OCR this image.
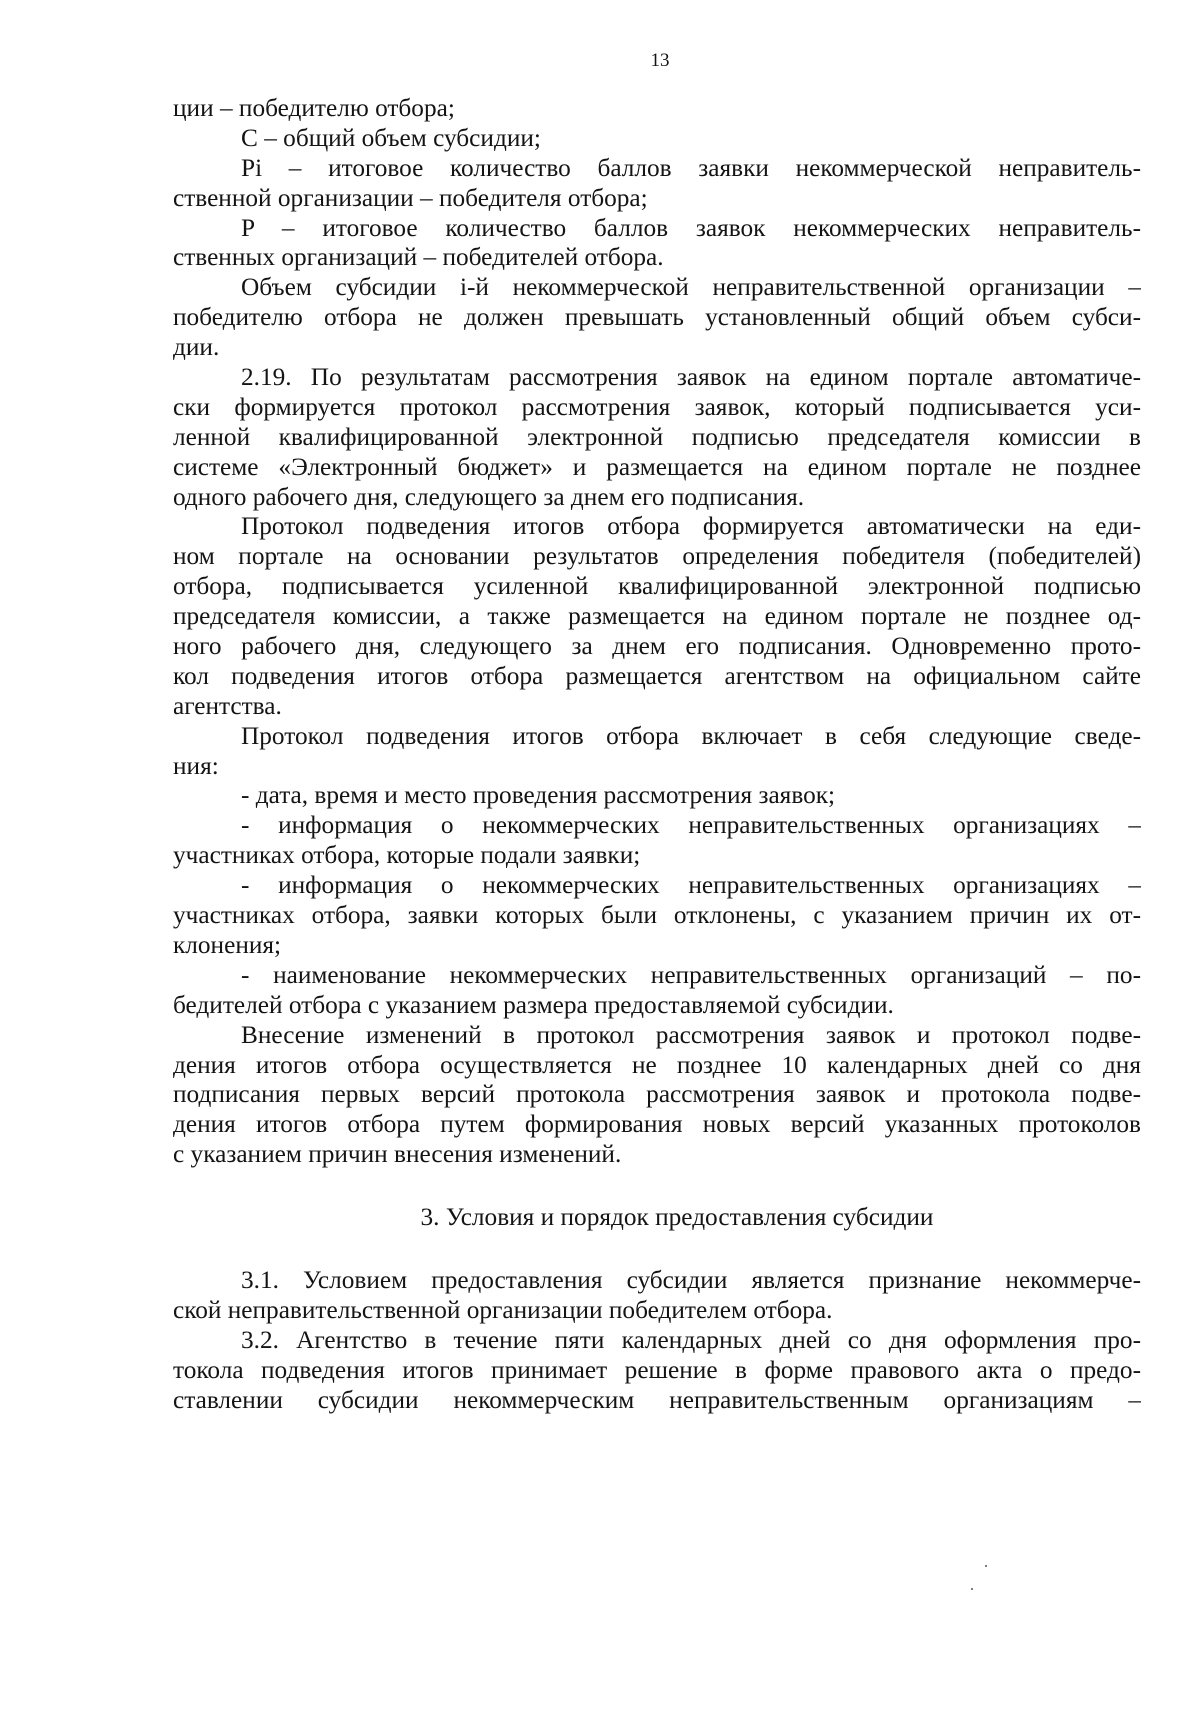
13
ции – победителю отбора;
С – общий объем субсидии;
Pi – итоговое количество баллов заявки некоммерческой неправитель-
ственной организации – победителя отбора;
P – итоговое количество баллов заявок некоммерческих неправитель-
ственных организаций – победителей отбора.
Объем субсидии i-й некоммерческой неправительственной организации –
победителю отбора не должен превышать установленный общий объем субси-
дии.
2.19. По результатам рассмотрения заявок на едином портале автоматиче-
ски формируется протокол рассмотрения заявок, который подписывается уси-
ленной квалифицированной электронной подписью председателя комиссии в
системе «Электронный бюджет» и размещается на едином портале не позднее
одного рабочего дня, следующего за днем его подписания.
Протокол подведения итогов отбора формируется автоматически на еди-
ном портале на основании результатов определения победителя (победителей)
отбора, подписывается усиленной квалифицированной электронной подписью
председателя комиссии, а также размещается на едином портале не позднее од-
ного рабочего дня, следующего за днем его подписания. Одновременно прото-
кол подведения итогов отбора размещается агентством на официальном сайте
агентства.
Протокол подведения итогов отбора включает в себя следующие сведе-
ния:
- дата, время и место проведения рассмотрения заявок;
- информация о некоммерческих неправительственных организациях –
участниках отбора, которые подали заявки;
- информация о некоммерческих неправительственных организациях –
участниках отбора, заявки которых были отклонены, с указанием причин их от-
клонения;
- наименование некоммерческих неправительственных организаций – по-
бедителей отбора с указанием размера предоставляемой субсидии.
Внесение изменений в протокол рассмотрения заявок и протокол подве-
дения итогов отбора осуществляется не позднее 10 календарных дней со дня
подписания первых версий протокола рассмотрения заявок и протокола подве-
дения итогов отбора путем формирования новых версий указанных протоколов
с указанием причин внесения изменений.
3. Условия и порядок предоставления субсидии
3.1. Условием предоставления субсидии является признание некоммерче-
ской неправительственной организации победителем отбора.
3.2. Агентство в течение пяти календарных дней со дня оформления про-
токола подведения итогов принимает решение в форме правового акта о предо-
ставлении субсидии некоммерческим неправительственным организациям –
